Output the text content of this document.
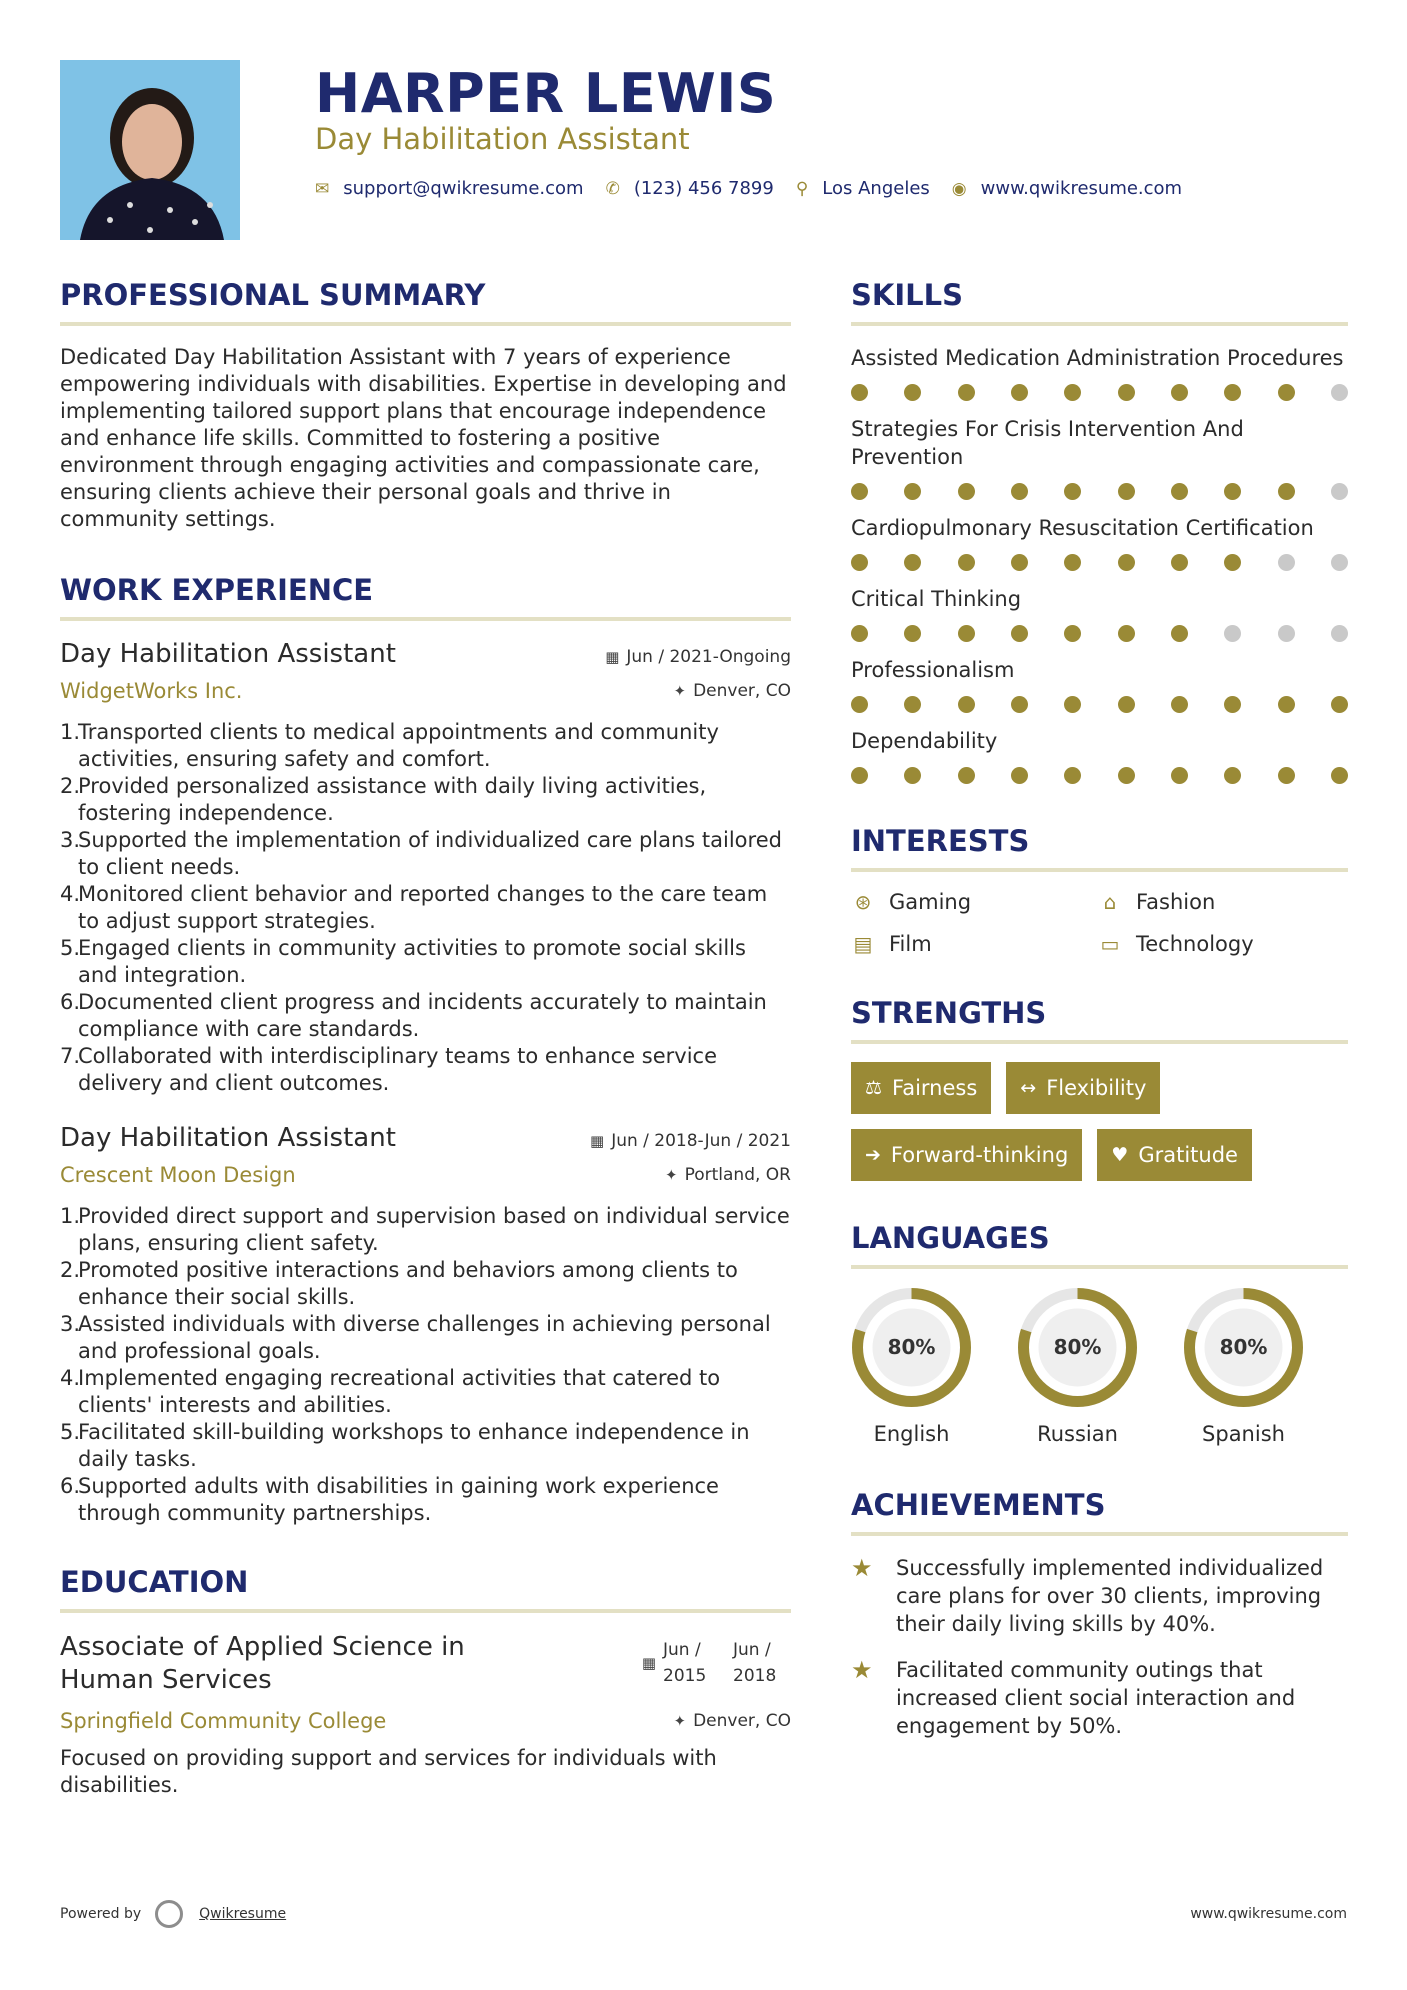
HARPER LEWIS
Day Habilitation Assistant
✉ support@qwikresume.com ✆ (123) 456 7899 ⚲ Los Angeles ◉ www.qwikresume.com
PROFESSIONAL SUMMARY
Dedicated Day Habilitation Assistant with 7 years of experience empowering individuals with disabilities. Expertise in developing and implementing tailored support plans that encourage independence and enhance life skills. Committed to fostering a positive environment through engaging activities and compassionate care, ensuring clients achieve their personal goals and thrive in community settings.
WORK EXPERIENCE
Day Habilitation Assistant	▦ Jun / 2021-Ongoing
WidgetWorks Inc.	✦ Denver, CO
1.
Transported clients to medical appointments and community activities, ensuring safety and comfort.
2.
Provided personalized assistance with daily living activities, fostering independence.
3.
Supported the implementation of individualized care plans tailored to client needs.
4.
Monitored client behavior and reported changes to the care team to adjust support strategies.
5.
Engaged clients in community activities to promote social skills and integration.
6.
Documented client progress and incidents accurately to maintain compliance with care standards.
7.
Collaborated with interdisciplinary teams to enhance service delivery and client outcomes.
Day Habilitation Assistant	▦ Jun / 2018-Jun / 2021
Crescent Moon Design	✦ Portland, OR
1.
Provided direct support and supervision based on individual service plans, ensuring client safety.
2.
Promoted positive interactions and behaviors among clients to enhance their social skills.
3.
Assisted individuals with diverse challenges in achieving personal and professional goals.
4.
Implemented engaging recreational activities that catered to clients' interests and abilities.
5.
Facilitated skill-building workshops to enhance independence in daily tasks.
6.
Supported adults with disabilities in gaining work experience through community partnerships.
EDUCATION
Associate of Applied Science in Human Services
▦
Jun / 2015
Jun / 2018
Springfield Community College	✦ Denver, CO
Focused on providing support and services for individuals with disabilities.
SKILLS
Assisted Medication Administration Procedures
Strategies For Crisis Intervention And Prevention
Cardiopulmonary Resuscitation Certification
Critical Thinking
Professionalism
Dependability
INTERESTS
⊛ Gaming	⌂ Fashion
▤ Film	▭ Technology
STRENGTHS
⚖ Fairness ↔ Flexibility
➔ Forward-thinking ♥ Gratitude
LANGUAGES
80%
English
80%
Russian
80%
Spanish
ACHIEVEMENTS
★	Successfully implemented individualized care plans for over 30 clients, improving their daily living skills by 40%.
★	Facilitated community outings that increased client social interaction and engagement by 50%.
Powered by	Qwikresume	www.qwikresume.com
